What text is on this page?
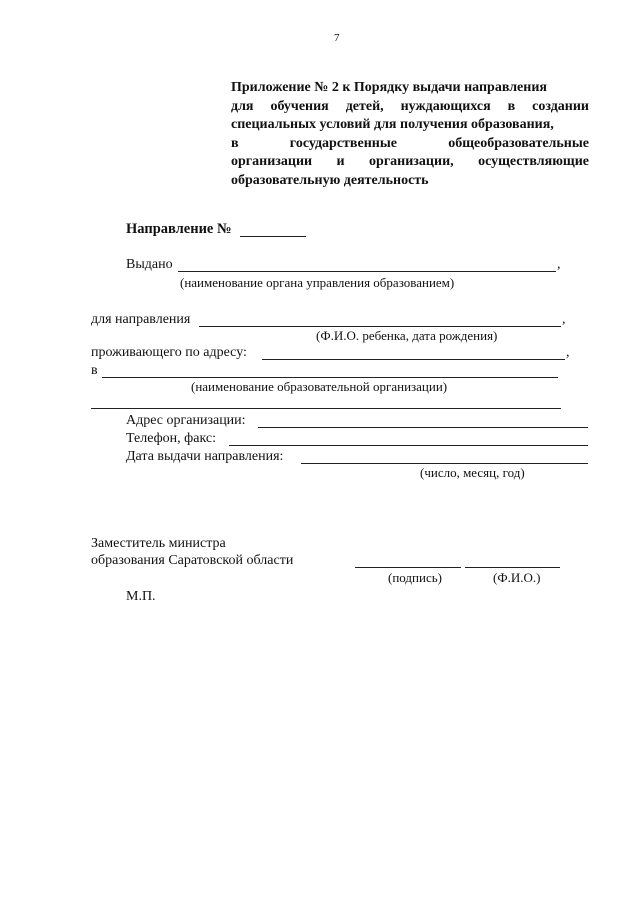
7
Приложение № 2 к Порядку выдачи направления
для обучения детей, нуждающихся в создании
специальных условий для получения образования,
в государственные общеобразовательные
организации и организации, осуществляющие
образовательную деятельность
Направление №
Выдано	,
(наименование органа управления образованием)
для направления	,
(Ф.И.О. ребенка, дата рождения)
проживающего по адресу:	,
в
(наименование образовательной организации)
Адрес организации:
Телефон, факс:
Дата выдачи направления:
(число, месяц, год)
Заместитель министра
образования Саратовской области
(подпись)	(Ф.И.О.)
М.П.
